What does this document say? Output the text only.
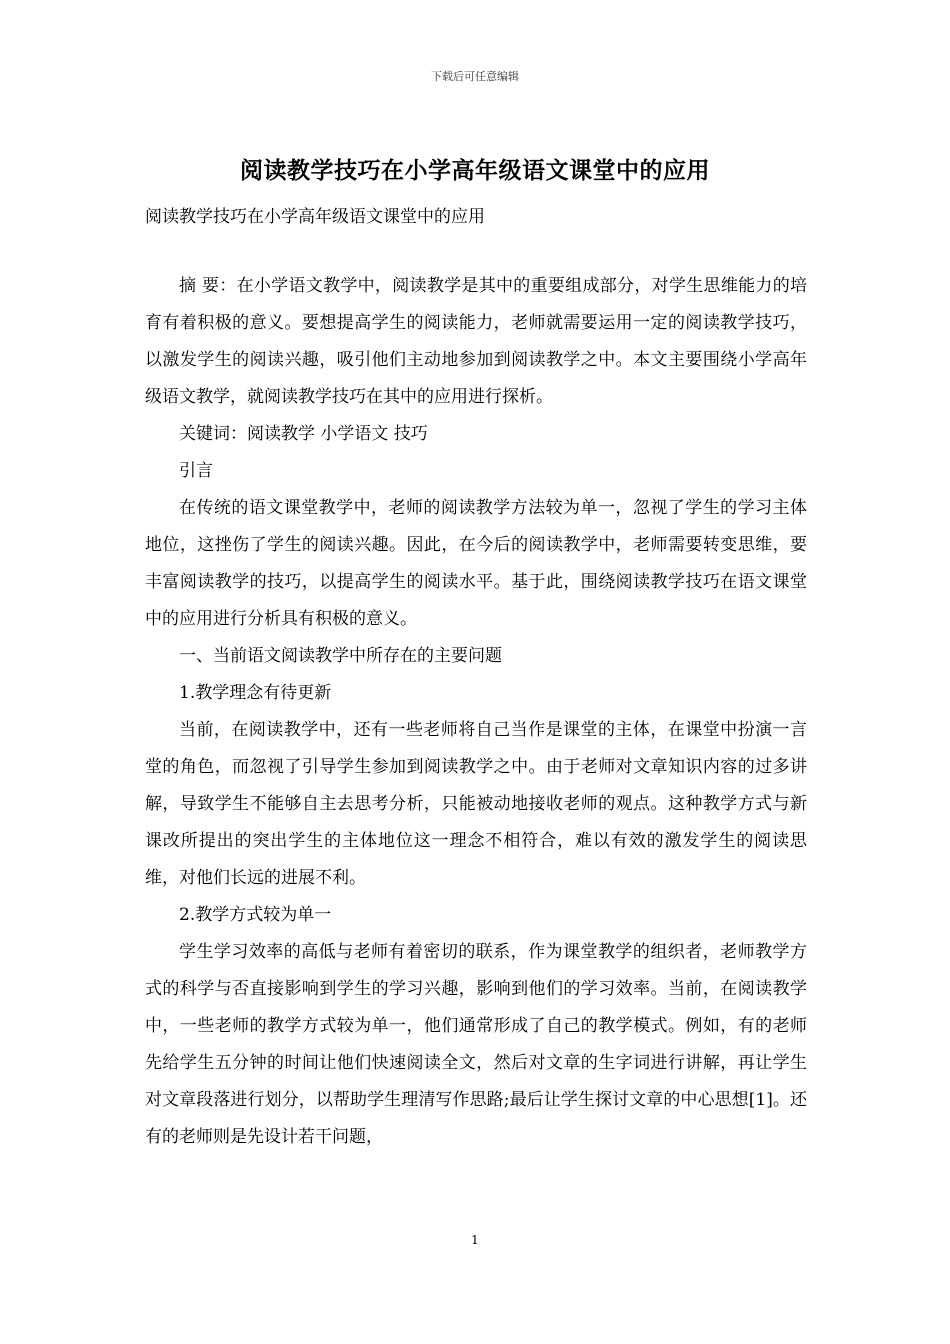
下载后可任意编辑
阅读教学技巧在小学高年级语文课堂中的应用
阅读教学技巧在小学高年级语文课堂中的应用

摘 要：在小学语文教学中，阅读教学是其中的重要组成部分，对学生思维能力的培育有着积极的意义。要想提高学生的阅读能力，老师就需要运用一定的阅读教学技巧，以激发学生的阅读兴趣，吸引他们主动地参加到阅读教学之中。本文主要围绕小学高年级语文教学，就阅读教学技巧在其中的应用进行探析。

关键词：阅读教学 小学语文 技巧

引言

在传统的语文课堂教学中，老师的阅读教学方法较为单一，忽视了学生的学习主体地位，这挫伤了学生的阅读兴趣。因此，在今后的阅读教学中，老师需要转变思维，要丰富阅读教学的技巧，以提高学生的阅读水平。基于此，围绕阅读教学技巧在语文课堂中的应用进行分析具有积极的意义。

一、当前语文阅读教学中所存在的主要问题

1.教学理念有待更新

当前，在阅读教学中，还有一些老师将自己当作是课堂的主体，在课堂中扮演一言堂的角色，而忽视了引导学生参加到阅读教学之中。由于老师对文章知识内容的过多讲解，导致学生不能够自主去思考分析，只能被动地接收老师的观点。这种教学方式与新课改所提出的突出学生的主体地位这一理念不相符合，难以有效的激发学生的阅读思维，对他们长远的进展不利。

2.教学方式较为单一

学生学习效率的高低与老师有着密切的联系，作为课堂教学的组织者，老师教学方式的科学与否直接影响到学生的学习兴趣，影响到他们的学习效率。当前，在阅读教学中，一些老师的教学方式较为单一，他们通常形成了自己的教学模式。例如，有的老师先给学生五分钟的时间让他们快速阅读全文，然后对文章的生字词进行讲解，再让学生对文章段落进行划分，以帮助学生理清写作思路;最后让学生探讨文章的中心思想[1]。还有的老师则是先设计若干问题，

1
